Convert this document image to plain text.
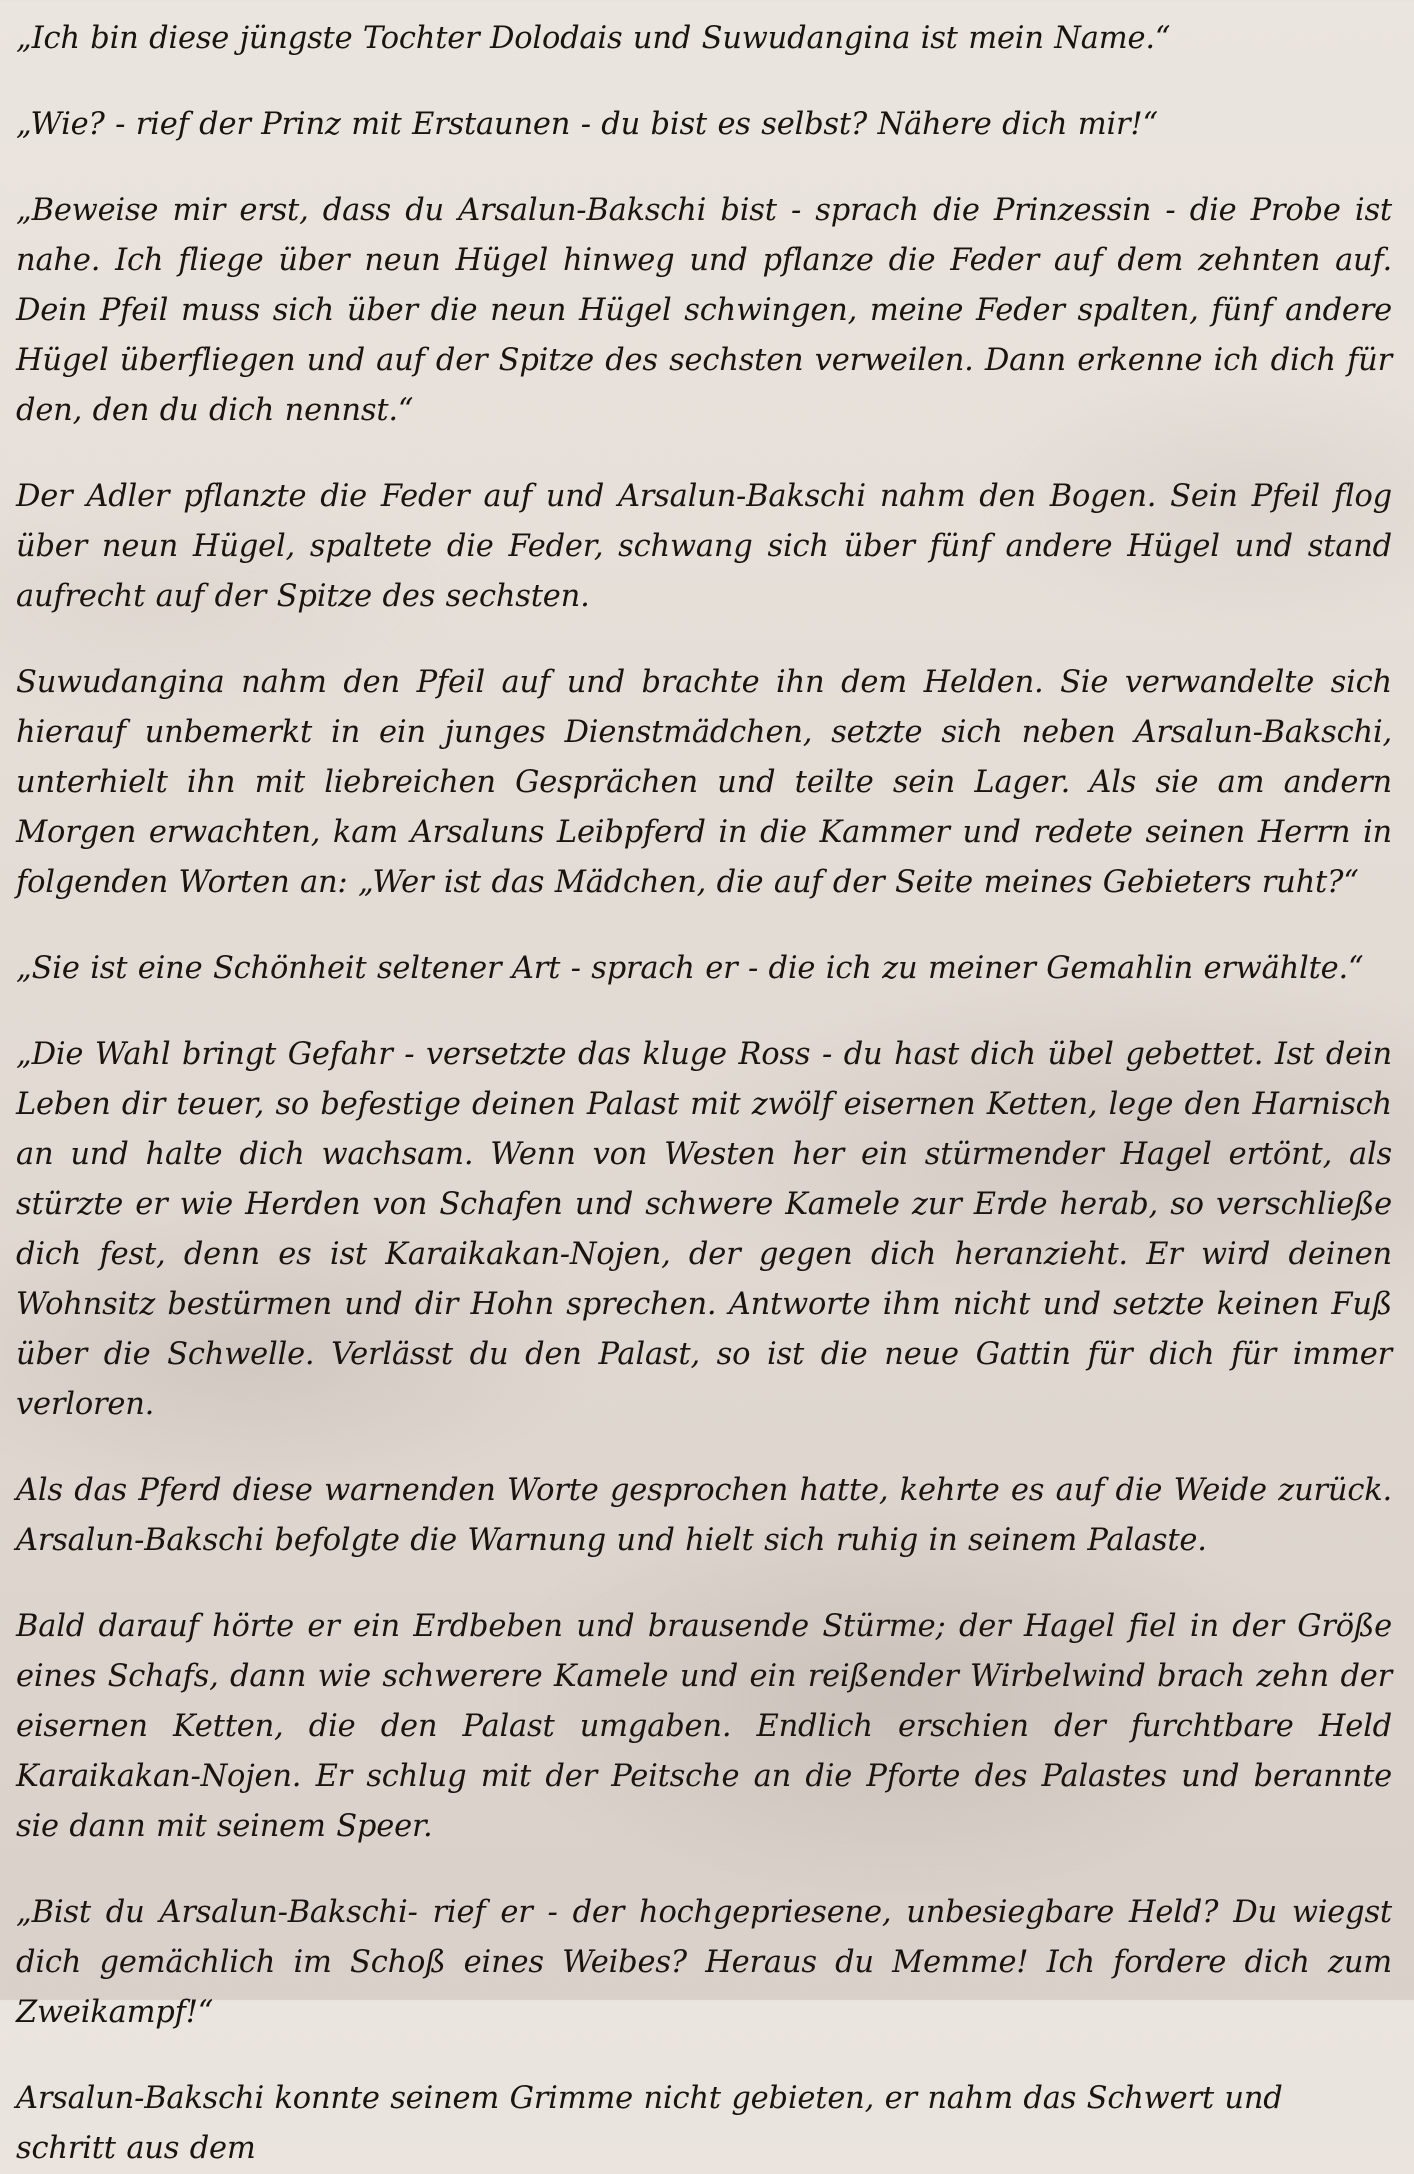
„Ich bin diese jüngste Tochter Dolodais und Suwudangina ist mein Name.“

„Wie? - rief der Prinz mit Erstaunen - du bist es selbst? Nähere dich mir!“

„Beweise mir erst, dass du Arsalun-Bakschi bist - sprach die Prinzessin - die Probe ist nahe. Ich fliege über neun Hügel hinweg und pflanze die Feder auf dem zehnten auf. Dein Pfeil muss sich über die neun Hügel schwingen, meine Feder spalten, fünf andere Hügel überfliegen und auf der Spitze des sechsten verweilen. Dann erkenne ich dich für den, den du dich nennst.“

Der Adler pflanzte die Feder auf und Arsalun-Bakschi nahm den Bogen. Sein Pfeil flog über neun Hügel, spaltete die Feder, schwang sich über fünf andere Hügel und stand aufrecht auf der Spitze des sechsten.

Suwudangina nahm den Pfeil auf und brachte ihn dem Helden. Sie verwandelte sich hierauf unbemerkt in ein junges Dienstmädchen, setzte sich neben Arsalun-Bakschi, unterhielt ihn mit liebreichen Gesprächen und teilte sein Lager. Als sie am andern Morgen erwachten, kam Arsaluns Leibpferd in die Kammer und redete seinen Herrn in folgenden Worten an: „Wer ist das Mädchen, die auf der Seite meines Gebieters ruht?“

„Sie ist eine Schönheit seltener Art - sprach er - die ich zu meiner Gemahlin erwählte.“

„Die Wahl bringt Gefahr - versetzte das kluge Ross - du hast dich übel gebettet. Ist dein Leben dir teuer, so befestige deinen Palast mit zwölf eisernen Ketten, lege den Harnisch an und halte dich wachsam. Wenn von Westen her ein stürmender Hagel ertönt, als stürzte er wie Herden von Schafen und schwere Kamele zur Erde herab, so verschließe dich fest, denn es ist Karaikakan-Nojen, der gegen dich heranzieht. Er wird deinen Wohnsitz bestürmen und dir Hohn sprechen. Antworte ihm nicht und setzte keinen Fuß über die Schwelle. Verlässt du den Palast, so ist die neue Gattin für dich für immer verloren.

Als das Pferd diese warnenden Worte gesprochen hatte, kehrte es auf die Weide zurück. Arsalun-Bakschi befolgte die Warnung und hielt sich ruhig in seinem Palaste.

Bald darauf hörte er ein Erdbeben und brausende Stürme; der Hagel fiel in der Größe eines Schafs, dann wie schwerere Kamele und ein reißender Wirbelwind brach zehn der eisernen Ketten, die den Palast umgaben. Endlich erschien der furchtbare Held Karaikakan-Nojen. Er schlug mit der Peitsche an die Pforte des Palastes und berannte sie dann mit seinem Speer.

„Bist du Arsalun-Bakschi- rief er - der hochgepriesene, unbesiegbare Held? Du wiegst dich gemächlich im Schoß eines Weibes? Heraus du Memme! Ich fordere dich zum Zweikampf!“

Arsalun-Bakschi konnte seinem Grimme nicht gebieten, er nahm das Schwert und schritt aus dem
